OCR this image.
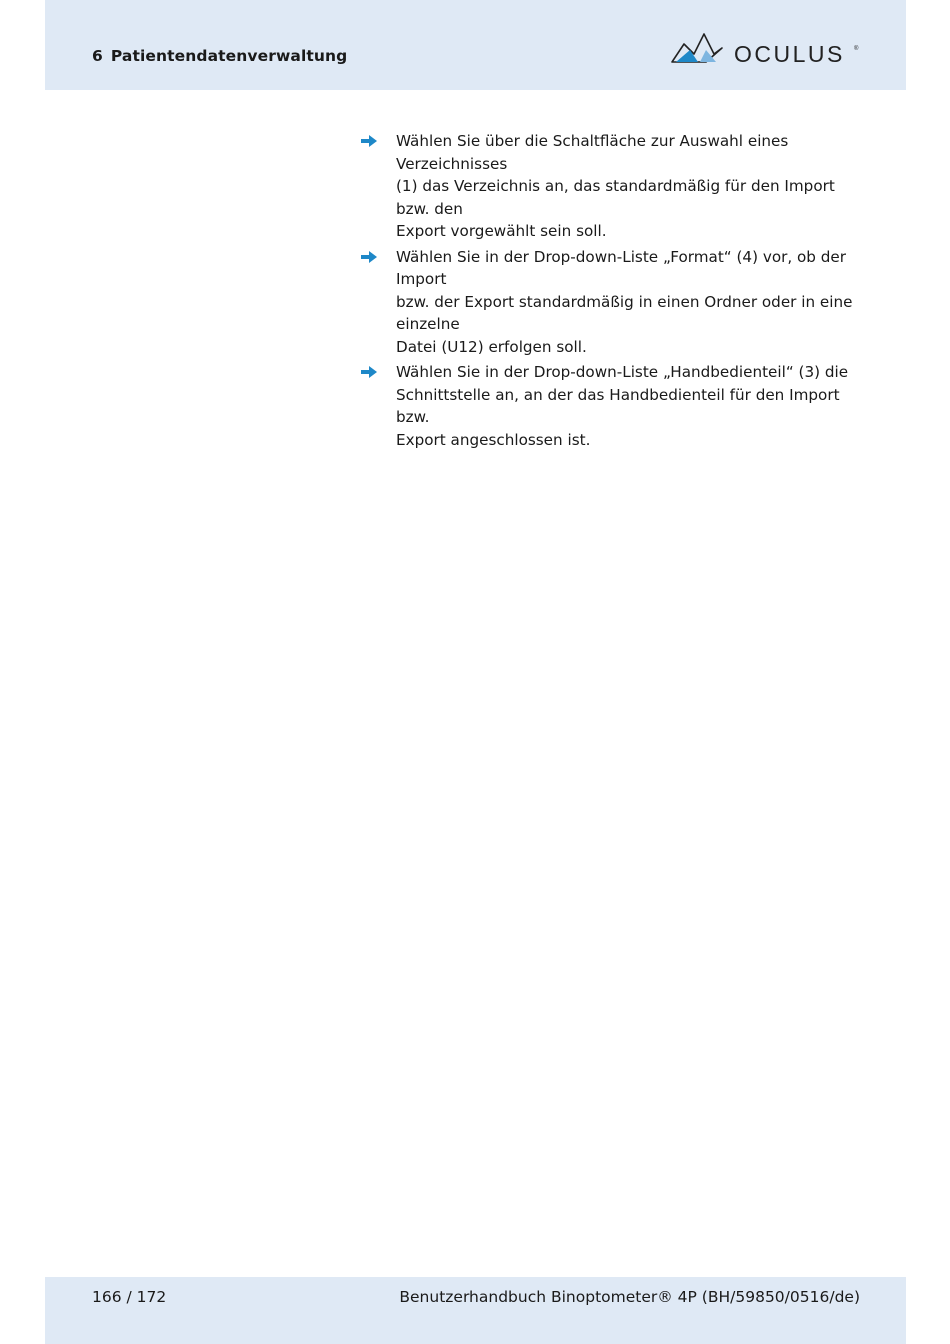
6 Patientendatenverwaltung	OCULUS ®
Wählen Sie über die Schaltfläche zur Auswahl eines Verzeichnisses
(1) das Verzeichnis an, das standardmäßig für den Import bzw. den
Export vorgewählt sein soll.
Wählen Sie in der Drop-down-Liste „Format“ (4) vor, ob der Import
bzw. der Export standardmäßig in einen Ordner oder in eine einzelne
Datei (U12) erfolgen soll.
Wählen Sie in der Drop-down-Liste „Handbedienteil“ (3) die
Schnittstelle an, an der das Handbedienteil für den Import bzw.
Export angeschlossen ist.
166 / 172	Benutzerhandbuch Binoptometer® 4P (BH/59850/0516/de)
